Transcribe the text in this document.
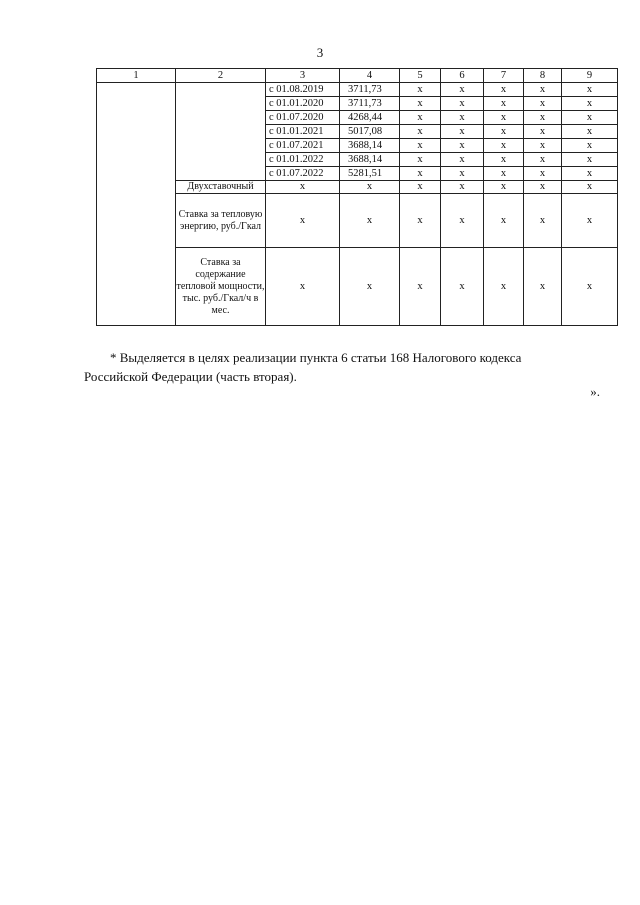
3
1	2	3	4	5	6	7	8	9
		с 01.08.2019	3711,73	x	x	x	x	x
		с 01.01.2020	3711,73	x	x	x	x	x
		с 01.07.2020	4268,44	x	x	x	x	x
		с 01.01.2021	5017,08	x	x	x	x	x
		с 01.07.2021	3688,14	x	x	x	x	x
		с 01.01.2022	3688,14	x	x	x	x	x
		с 01.07.2022	5281,51	x	x	x	x	x
	Двухставочный	x	x	x	x	x	x	x
	Ставка за тепловую энергию, руб./Гкал	x	x	x	x	x	x	x
	Ставка за содержание тепловой мощности, тыс. руб./Гкал/ч в мес.	x	x	x	x	x	x	x

* Выделяется в целях реализации пункта 6 статьи 168 Налогового кодекса

Российской Федерации (часть вторая).

».
